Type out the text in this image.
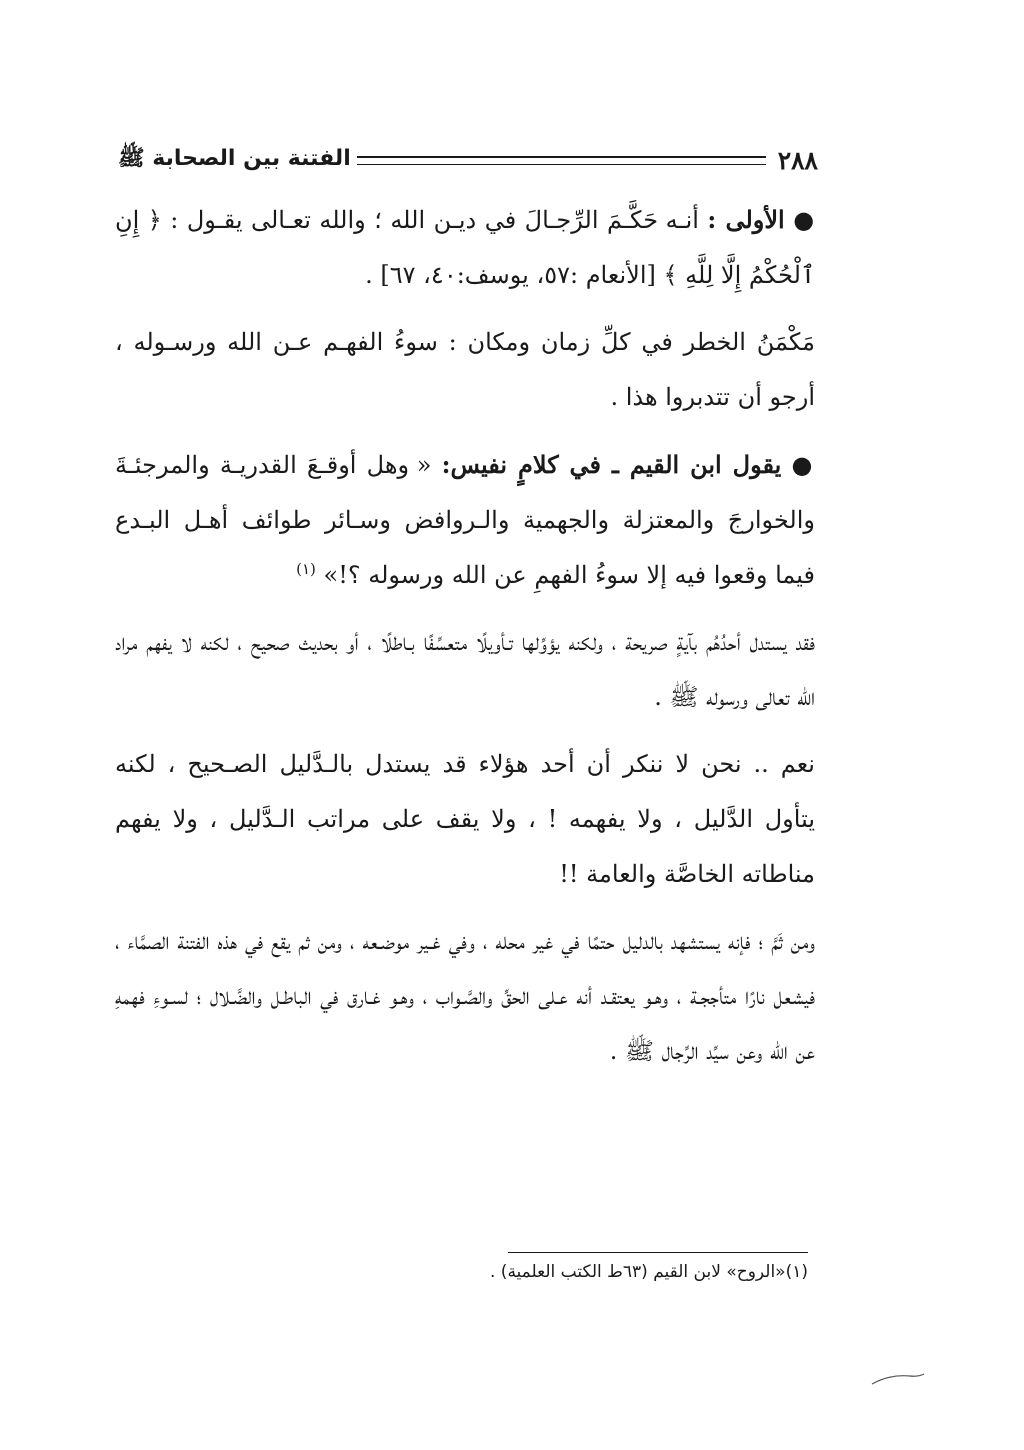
٢٨٨
الفتنة بين الصحابة ﷺ

● الأولى : أنـه حَكَّـمَ الرِّجـالَ في ديـن الله ؛ والله تعـالى يقـول : ﴿ إِنِ ٱلْحُكْمُ إِلَّا لِلَّهِ ﴾ [الأنعام :٥٧، يوسف:٤٠، ٦٧] .

مَكْمَنُ الخطر في كلِّ زمان ومكان : سوءُ الفهـم عـن الله ورسـوله ، أرجو أن تتدبروا هذا .

● يقول ابن القيم ـ في كلامٍ نفيس: « وهل أوقـعَ القدريـة والمرجئـةَ والخوارجَ والمعتزلة والجهمية والـروافض وسـائر طوائف أهـل البـدع فيما وقعوا فيه إلا سوءُ الفهمِ عن الله ورسوله ؟!» $^{(١)}$

فقد يستدل أحدُهُم بآيةٍ صريحة ، ولكنه يؤوِّلها تـأويلًا متعسِّفًا بـاطلًا ، أو بحديث صحيح ، لكنه لا يفهم مراد الله تعالى ورسوله ﷺ .

نعم .. نحن لا ننكر أن أحد هؤلاء قد يستدل بالـدَّليل الصـحيح ، لكنه يتأول الدَّليل ، ولا يفهمه ! ، ولا يقف على مراتب الـدَّليل ، ولا يفهم مناطاته الخاصَّة والعامة !!

ومن ثَمَّ ؛ فإنه يستشهد بالدليل حتمًا في غير محله ، وفي غـير موضـعه ، ومن ثم يقع في هذه الفتنة الصمَّاء ، فيشعل نارًا متأججـة ، وهـو يعتقـد أنه عـلى الحقِّ والصَّـواب ، وهـو غـارق في الباطـل والضَّـلال ؛ لسـوءِ فهمهِ عن الله وعن سيِّد الرِّجال ﷺ .

(١)«الروح» لابن القيم (٦٣ط الكتب العلمية) .
